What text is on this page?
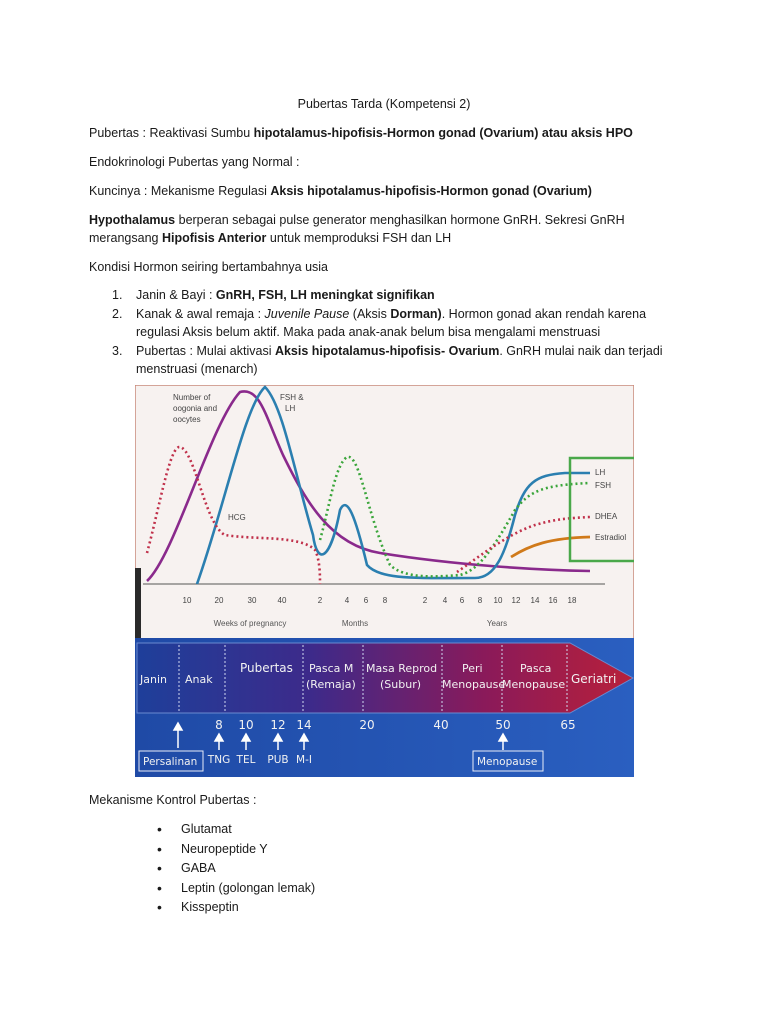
Pubertas Tarda (Kompetensi 2)

Pubertas : Reaktivasi Sumbu hipotalamus-hipofisis-Hormon gonad (Ovarium) atau aksis HPO

Endokrinologi Pubertas yang Normal :

Kuncinya : Mekanisme Regulasi Aksis hipotalamus-hipofisis-Hormon gonad (Ovarium)

Hypothalamus berperan sebagai pulse generator menghasilkan hormone GnRH. Sekresi GnRH
merangsang Hipofisis Anterior untuk memproduksi FSH dan LH

Kondisi Hormon seiring bertambahnya usia

1. Janin & Bayi : GnRH, FSH, LH meningkat signifikan
2. Kanak & awal remaja : Juvenile Pause (Aksis Dorman). Hormon gonad akan rendah karena regulasi Aksis belum aktif. Maka pada anak-anak belum bisa mengalami menstruasi
3. Pubertas : Mulai aktivasi Aksis hipotalamus-hipofisis- Ovarium. GnRH mulai naik dan terjadi menstruasi (menarch)
Number of
oogonia and
oocytes
FSH &
LH
HCG
LH
FSH
DHEA
Estradiol
10	20	30	40	2	4 6 8	2 4 6 8 10 12 14 16 18
Weeks of pregnancy	Months	Years
Janin Anak
Pubertas Pasca M
(Remaja)
Masa Reprod
(Subur)
Peri
Menopause
Pasca
Menopause Geriatri
8 10 12 14	20	40	50	65
Persalinan TNG TEL PUB M-I	Menopause

Mekanisme Kontrol Pubertas :

• Glutamat
• Neuropeptide Y
• GABA
• Leptin (golongan lemak)
• Kisspeptin
